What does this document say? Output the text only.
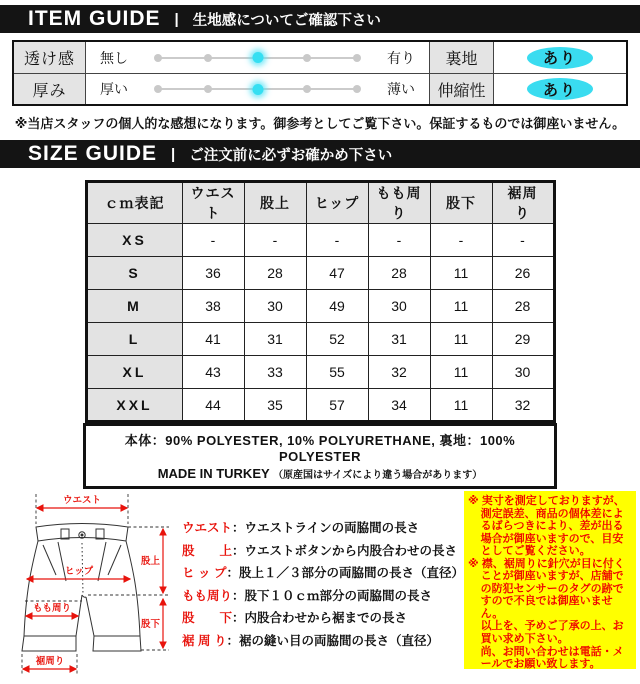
ITEM GUIDE | 生地感についてご確認下さい
透け感	無し	有り	裏地	あり
厚み	厚い	薄い	伸縮性	あり
※当店スタッフの個人的な感想になります。御参考としてご覧下さい。保証するものでは御座いません。
SIZE GUIDE | ご注文前に必ずお確かめ下さい
ｃｍ表記	ウエスト	股上	ヒップ	もも周り	股下	裾周り
XS	-	-	-	-	-	-
S	36	28	47	28	11	26
M	38	30	49	30	11	28
L	41	31	52	31	11	29
XL	43	33	55	32	11	30
XXL	44	35	57	34	11	32
本体：90% POLYESTER, 10% POLYURETHANE, 裏地：100% POLYESTER
MADE IN TURKEY （原産国はサイズにより違う場合があります）
ウエスト
ヒップ
もも周り
裾周り
股上
股下
ウエスト：ウエストラインの両脇間の長さ
股　　上：ウエストボタンから内股合わせの長さ
ヒ ッ プ：股上１／３部分の両脇間の長さ（直径）
もも周り：股下１０ｃｍ部分の両脇間の長さ
股　　下：内股合わせから裾までの長さ
裾 周 り：裾の縫い目の両脇間の長さ（直径）

※ 実寸を測定しておりますが、測定誤差、商品の個体差によるばらつきにより、差が出る場合が御座いますので、目安としてご覧ください。

※ 襟、裾周りに針穴が目に付くことが御座いますが、店舗での防犯センサーのタグの跡ですので不良では御座いません。

以上を、予めご了承の上、お買い求め下さい。

尚、お問い合わせは電話・メールでお願い致します。
